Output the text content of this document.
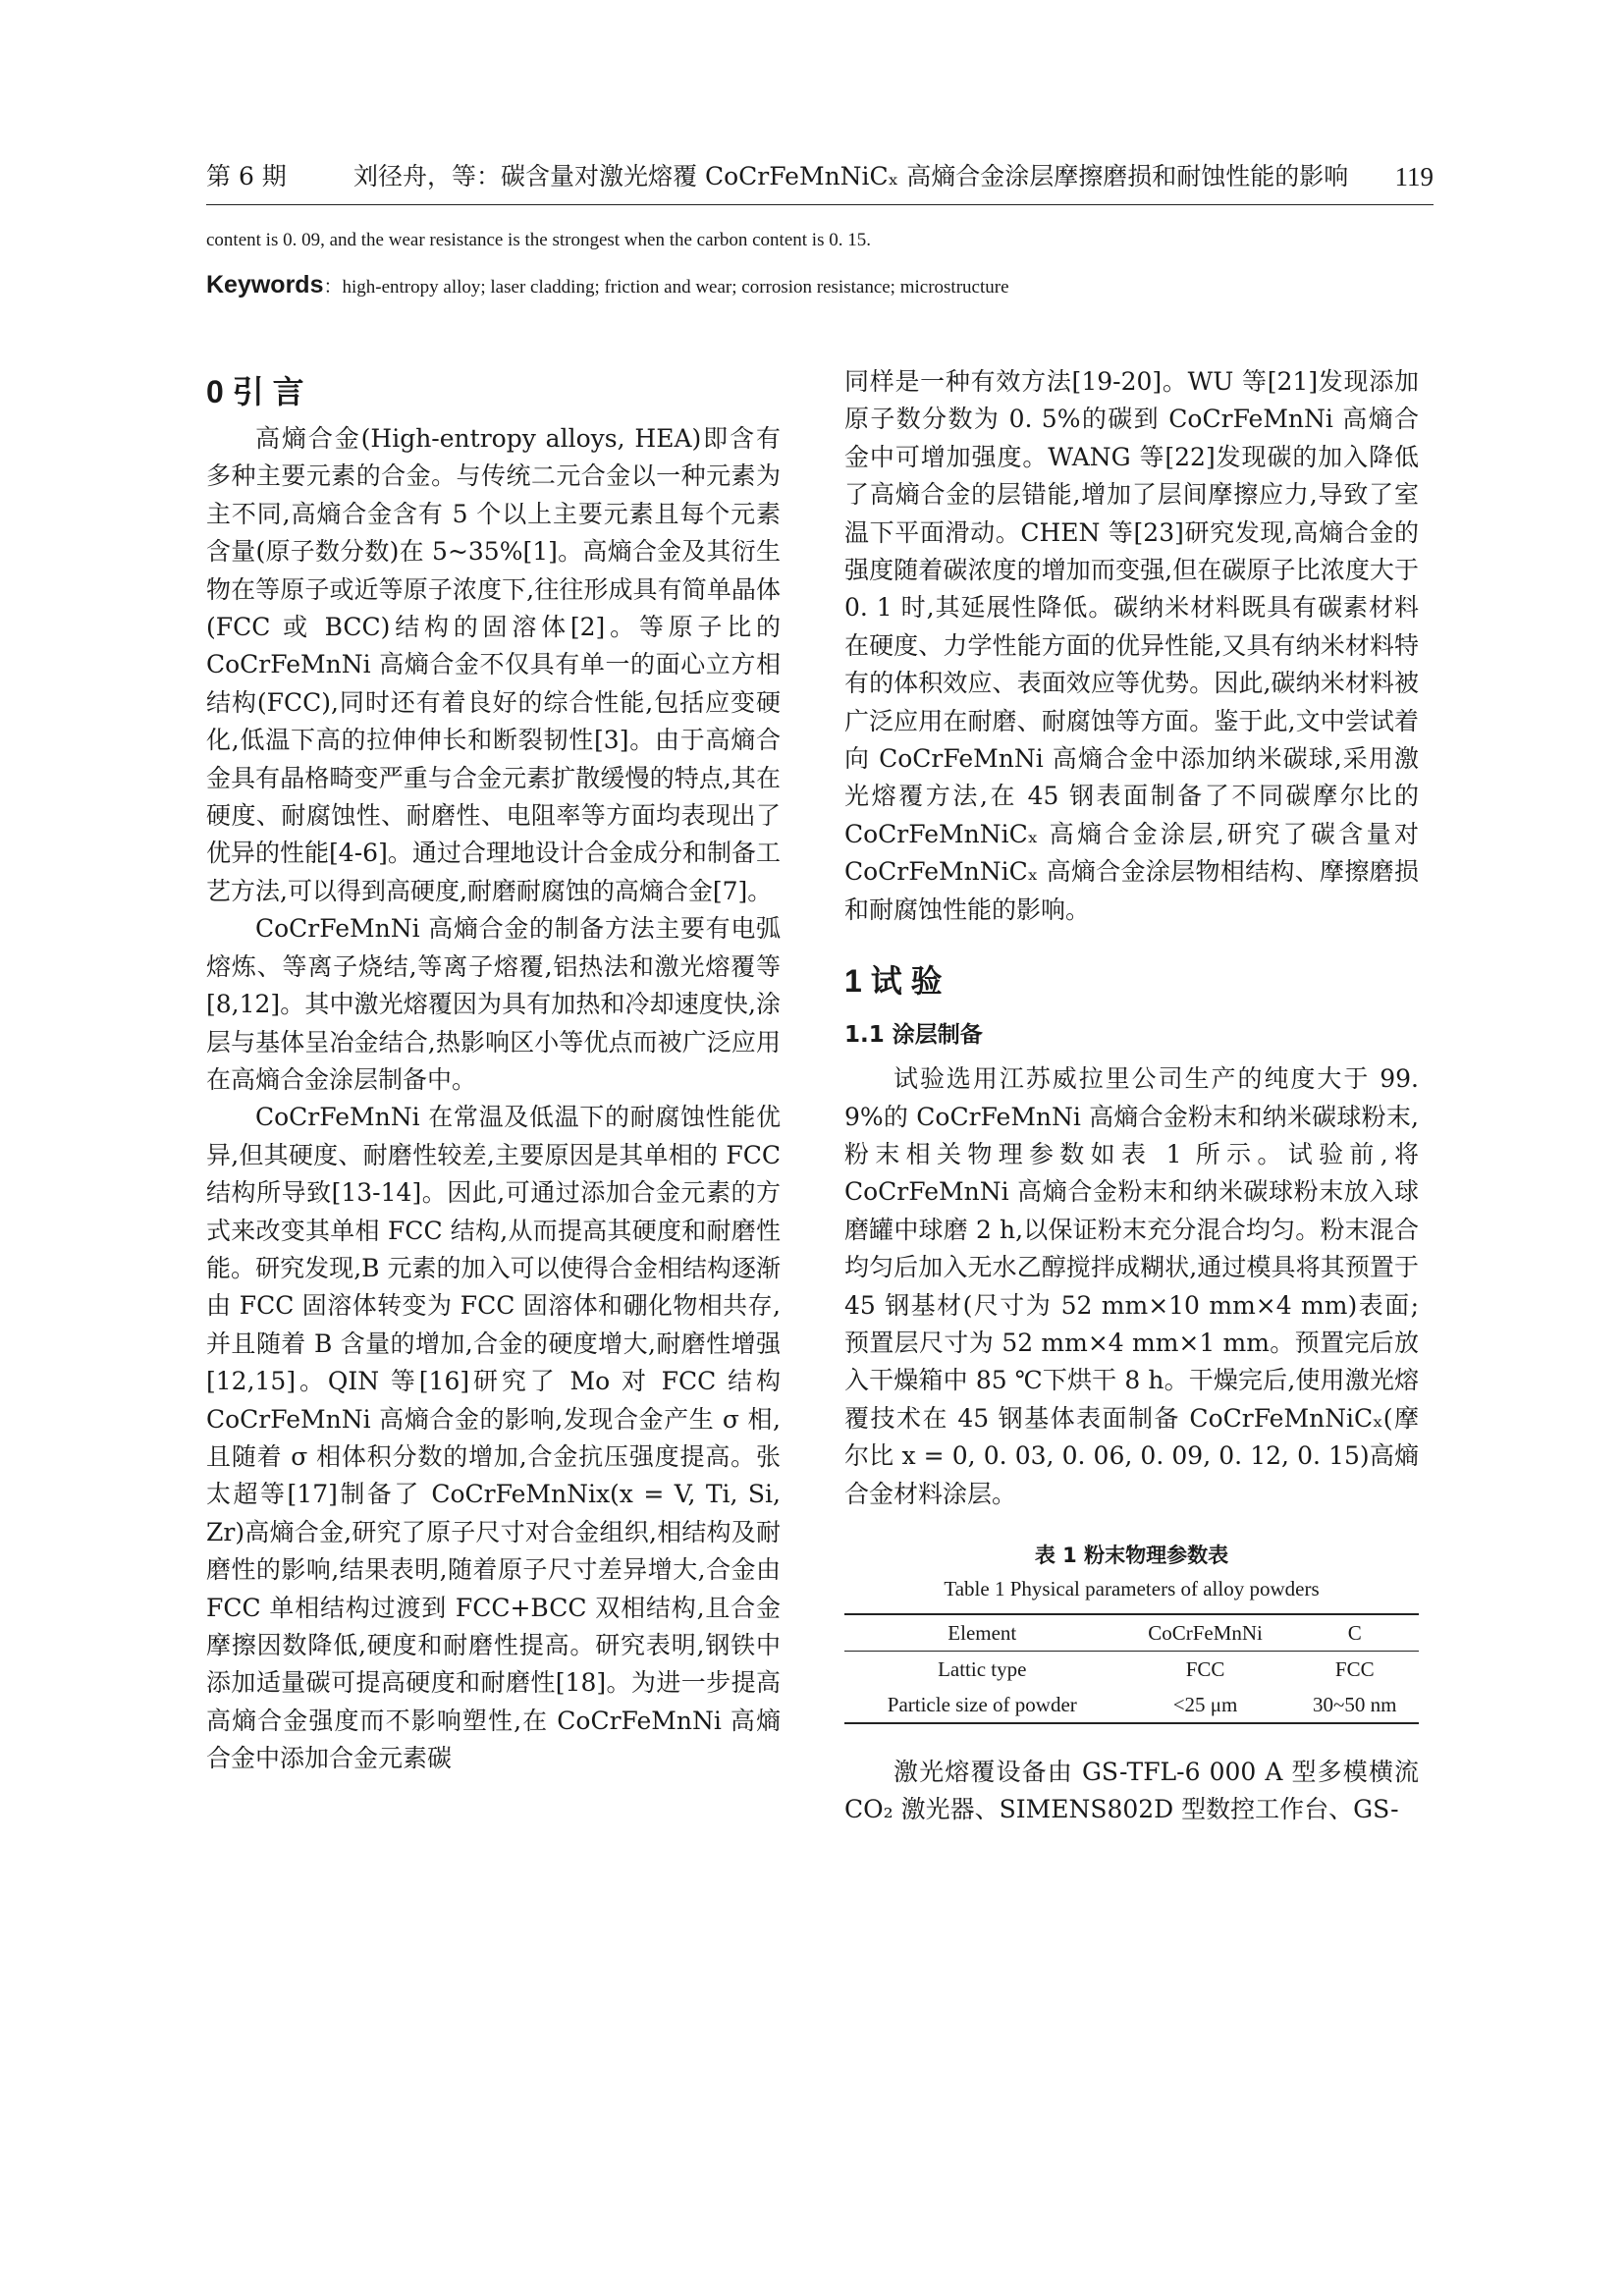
第 6 期	刘径舟，等：碳含量对激光熔覆 CoCrFeMnNiCₓ 高熵合金涂层摩擦磨损和耐蚀性能的影响 119
content is 0. 09, and the wear resistance is the strongest when the carbon content is 0. 15.
Keywords：high-entropy alloy; laser cladding; friction and wear; corrosion resistance; microstructure
0 引 言

高熵合金(High-entropy alloys, HEA)即含有多种主要元素的合金。与传统二元合金以一种元素为主不同,高熵合金含有 5 个以上主要元素且每个元素含量(原子数分数)在 5~35%[1]。高熵合金及其衍生物在等原子或近等原子浓度下,往往形成具有简单晶体(FCC 或 BCC)结构的固溶体[2]。等原子比的 CoCrFeMnNi 高熵合金不仅具有单一的面心立方相结构(FCC),同时还有着良好的综合性能,包括应变硬化,低温下高的拉伸伸长和断裂韧性[3]。由于高熵合金具有晶格畸变严重与合金元素扩散缓慢的特点,其在硬度、耐腐蚀性、耐磨性、电阻率等方面均表现出了优异的性能[4-6]。通过合理地设计合金成分和制备工艺方法,可以得到高硬度,耐磨耐腐蚀的高熵合金[7]。

CoCrFeMnNi 高熵合金的制备方法主要有电弧熔炼、等离子烧结,等离子熔覆,铝热法和激光熔覆等[8,12]。其中激光熔覆因为具有加热和冷却速度快,涂层与基体呈冶金结合,热影响区小等优点而被广泛应用在高熵合金涂层制备中。

CoCrFeMnNi 在常温及低温下的耐腐蚀性能优异,但其硬度、耐磨性较差,主要原因是其单相的 FCC 结构所导致[13-14]。因此,可通过添加合金元素的方式来改变其单相 FCC 结构,从而提高其硬度和耐磨性能。研究发现,B 元素的加入可以使得合金相结构逐渐由 FCC 固溶体转变为 FCC 固溶体和硼化物相共存,并且随着 B 含量的增加,合金的硬度增大,耐磨性增强[12,15]。QIN 等[16]研究了 Mo 对 FCC 结构 CoCrFeMnNi 高熵合金的影响,发现合金产生 σ 相,且随着 σ 相体积分数的增加,合金抗压强度提高。张太超等[17]制备了 CoCrFeMnNix(x = V, Ti, Si, Zr)高熵合金,研究了原子尺寸对合金组织,相结构及耐磨性的影响,结果表明,随着原子尺寸差异增大,合金由 FCC 单相结构过渡到 FCC+BCC 双相结构,且合金摩擦因数降低,硬度和耐磨性提高。研究表明,钢铁中添加适量碳可提高硬度和耐磨性[18]。为进一步提高高熵合金强度而不影响塑性,在 CoCrFeMnNi 高熵合金中添加合金元素碳

同样是一种有效方法[19-20]。WU 等[21]发现添加原子数分数为 0. 5%的碳到 CoCrFeMnNi 高熵合金中可增加强度。WANG 等[22]发现碳的加入降低了高熵合金的层错能,增加了层间摩擦应力,导致了室温下平面滑动。CHEN 等[23]研究发现,高熵合金的强度随着碳浓度的增加而变强,但在碳原子比浓度大于 0. 1 时,其延展性降低。碳纳米材料既具有碳素材料在硬度、力学性能方面的优异性能,又具有纳米材料特有的体积效应、表面效应等优势。因此,碳纳米材料被广泛应用在耐磨、耐腐蚀等方面。鉴于此,文中尝试着向 CoCrFeMnNi 高熵合金中添加纳米碳球,采用激光熔覆方法,在 45 钢表面制备了不同碳摩尔比的 CoCrFeMnNiCₓ 高熵合金涂层,研究了碳含量对 CoCrFeMnNiCₓ 高熵合金涂层物相结构、摩擦磨损和耐腐蚀性能的影响。

1 试 验
1.1 涂层制备

试验选用江苏威拉里公司生产的纯度大于 99. 9%的 CoCrFeMnNi 高熵合金粉末和纳米碳球粉末,粉末相关物理参数如表 1 所示。试验前,将 CoCrFeMnNi 高熵合金粉末和纳米碳球粉末放入球磨罐中球磨 2 h,以保证粉末充分混合均匀。粉末混合均匀后加入无水乙醇搅拌成糊状,通过模具将其预置于 45 钢基材(尺寸为 52 mm×10 mm×4 mm)表面;预置层尺寸为 52 mm×4 mm×1 mm。预置完后放入干燥箱中 85 ℃下烘干 8 h。干燥完后,使用激光熔覆技术在 45 钢基体表面制备 CoCrFeMnNiCₓ(摩尔比 x = 0, 0. 03, 0. 06, 0. 09, 0. 12, 0. 15)高熵合金材料涂层。

表 1 粉末物理参数表
Table 1 Physical parameters of alloy powders
Element	CoCrFeMnNi	C
Lattic type	FCC	FCC
Particle size of powder	<25 μm	30~50 nm

激光熔覆设备由 GS-TFL-6 000 A 型多模横流 CO₂ 激光器、SIMENS802D 型数控工作台、GS-
